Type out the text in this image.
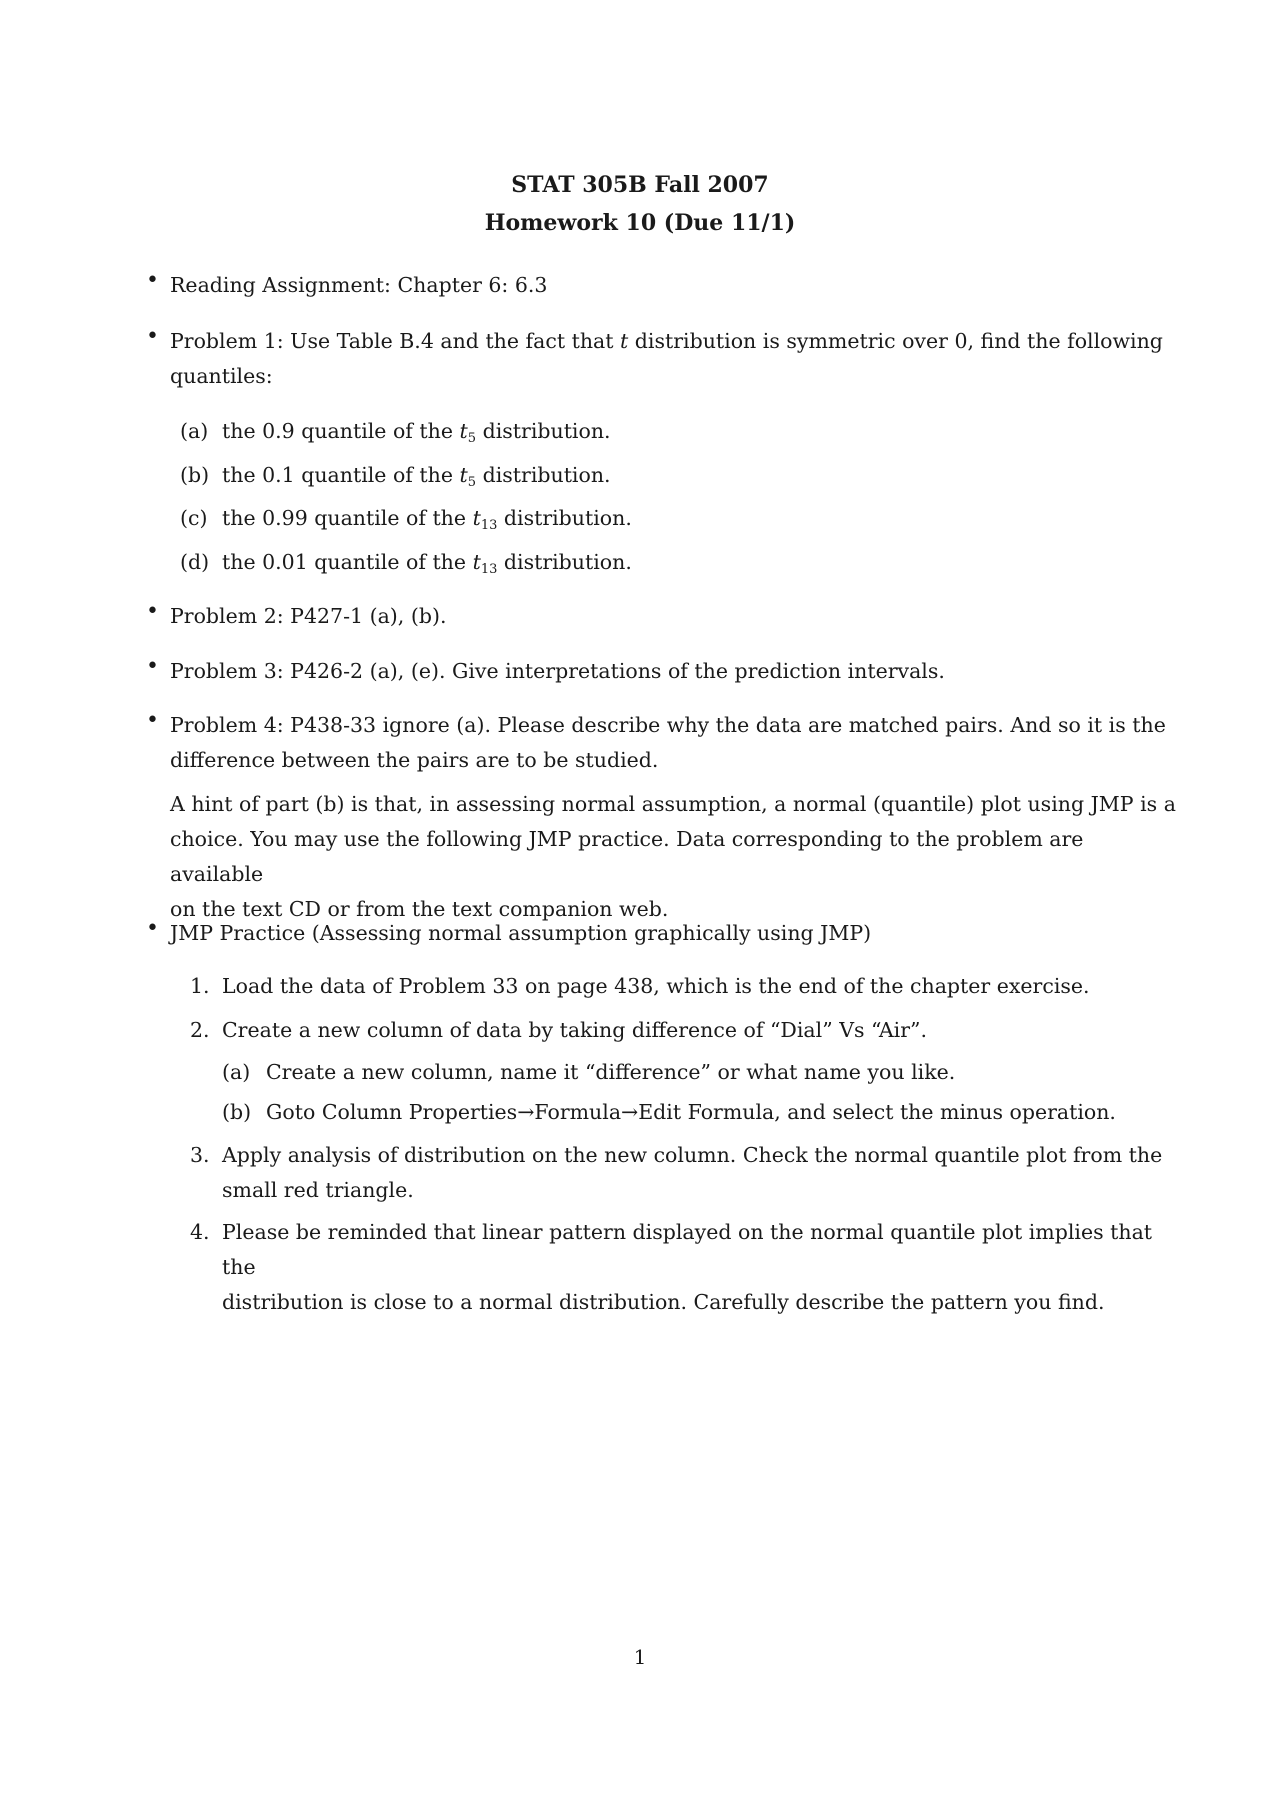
STAT 305B Fall 2007
Homework 10 (Due 11/1)
• Reading Assignment: Chapter 6: 6.3
• Problem 1: Use Table B.4 and the fact that t distribution is symmetric over 0, find the following
quantiles:
(a) the 0.9 quantile of the $t_5$ distribution.
(b) the 0.1 quantile of the $t_5$ distribution.
(c) the 0.99 quantile of the $t_{13}$ distribution.
(d) the 0.01 quantile of the $t_{13}$ distribution.
• Problem 2: P427-1 (a), (b).
• Problem 3: P426-2 (a), (e). Give interpretations of the prediction intervals.
• Problem 4: P438-33 ignore (a). Please describe why the data are matched pairs. And so it is the
difference between the pairs are to be studied.
A hint of part (b) is that, in assessing normal assumption, a normal (quantile) plot using JMP is a
choice. You may use the following JMP practice. Data corresponding to the problem are available
on the text CD or from the text companion web.
• JMP Practice (Assessing normal assumption graphically using JMP)
1. Load the data of Problem 33 on page 438, which is the end of the chapter exercise.
2. Create a new column of data by taking difference of “Dial” Vs “Air”.
(a) Create a new column, name it “difference” or what name you like.
(b) Goto Column Properties→Formula→Edit Formula, and select the minus operation.
3. Apply analysis of distribution on the new column. Check the normal quantile plot from the
small red triangle.
4. Please be reminded that linear pattern displayed on the normal quantile plot implies that the
distribution is close to a normal distribution. Carefully describe the pattern you find.
1
